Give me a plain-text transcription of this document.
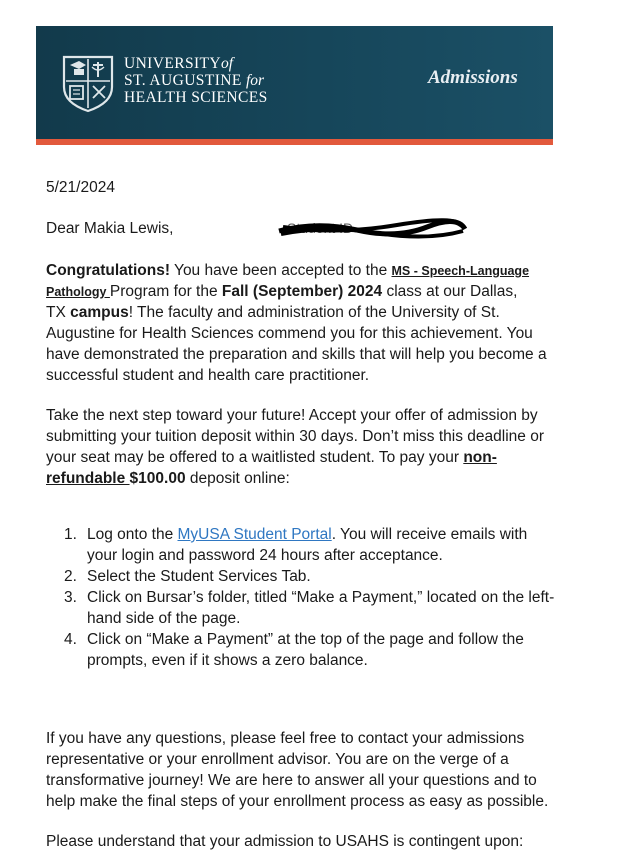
UNIVERSITYof
ST. AUGUSTINE for
HEALTH SCIENCES
Admissions
5/21/2024
Dear Makia Lewis,	Student ID
Congratulations! You have been accepted to the MS - Speech-Language
Pathology Program for the Fall (September) 2024 class at our Dallas,
TX campus! The faculty and administration of the University of St.
Augustine for Health Sciences commend you for this achievement. You
have demonstrated the preparation and skills that will help you become a
successful student and health care practitioner.
Take the next step toward your future! Accept your offer of admission by
submitting your tuition deposit within 30 days. Don’t miss this deadline or
your seat may be offered to a waitlisted student. To pay your non-
refundable $100.00 deposit online:
1. Log onto the MyUSA Student Portal. You will receive emails with
your login and password 24 hours after acceptance.
2. Select the Student Services Tab.
3. Click on Bursar’s folder, titled “Make a Payment,” located on the left-
hand side of the page.
4. Click on “Make a Payment” at the top of the page and follow the
prompts, even if it shows a zero balance.
If you have any questions, please feel free to contact your admissions
representative or your enrollment advisor. You are on the verge of a
transformative journey! We are here to answer all your questions and to
help make the final steps of your enrollment process as easy as possible.
Please understand that your admission to USAHS is contingent upon:
